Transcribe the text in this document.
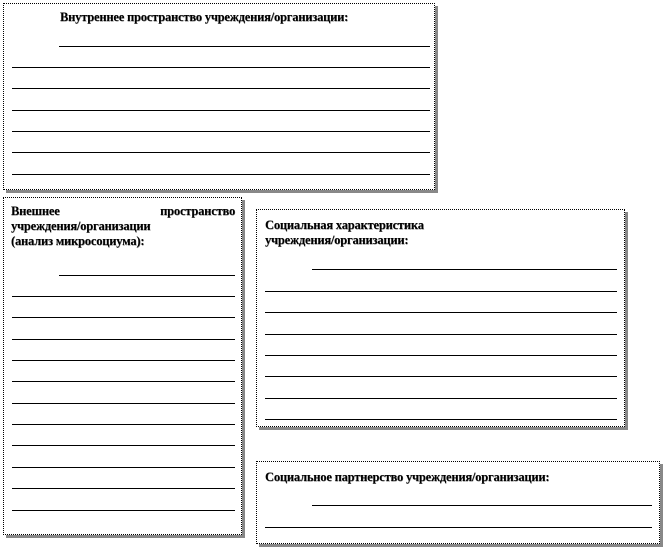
Внутреннее пространство учреждения/организации:
Внешнее	пространство
учреждения/организации
(анализ микросоциума):
Социальная характеристика
учреждения/организации:
Социальное партнерство учреждения/организации:
